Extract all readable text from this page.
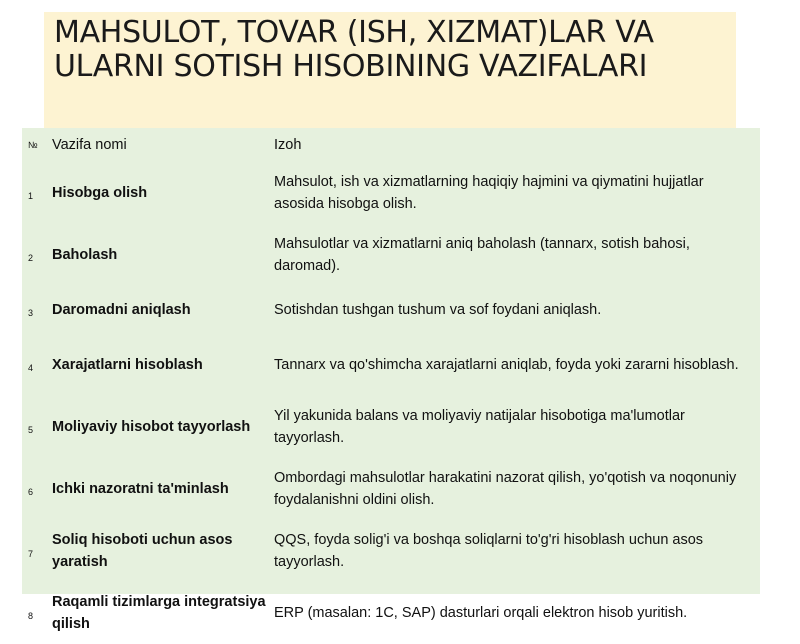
MAHSULOT, TOVAR (ISH, XIZMAT)LAR VA ULARNI SOTISH HISOBINING VAZIFALARI
№	Vazifa nomi	Izoh
1	Hisobga olish	Mahsulot, ish va xizmatlarning haqiqiy hajmini va qiymatini hujjatlar asosida hisobga olish.
2	Baholash	Mahsulotlar va xizmatlarni aniq baholash (tannarx, sotish bahosi, daromad).
3	Daromadni aniqlash	Sotishdan tushgan tushum va sof foydani aniqlash.
4	Xarajatlarni hisoblash	Tannarx va qo'shimcha xarajatlarni aniqlab, foyda yoki zararni hisoblash.
5	Moliyaviy hisobot tayyorlash	Yil yakunida balans va moliyaviy natijalar hisobotiga ma'lumotlar tayyorlash.
6	Ichki nazoratni ta'minlash	Ombordagi mahsulotlar harakatini nazorat qilish, yo'qotish va noqonuniy foydalanishni oldini olish.
7	Soliq hisoboti uchun asos yaratish	QQS, foyda solig'i va boshqa soliqlarni to'g'ri hisoblash uchun asos tayyorlash.
8	Raqamli tizimlarga integratsiya qilish	ERP (masalan: 1C, SAP) dasturlari orqali elektron hisob yuritish.
